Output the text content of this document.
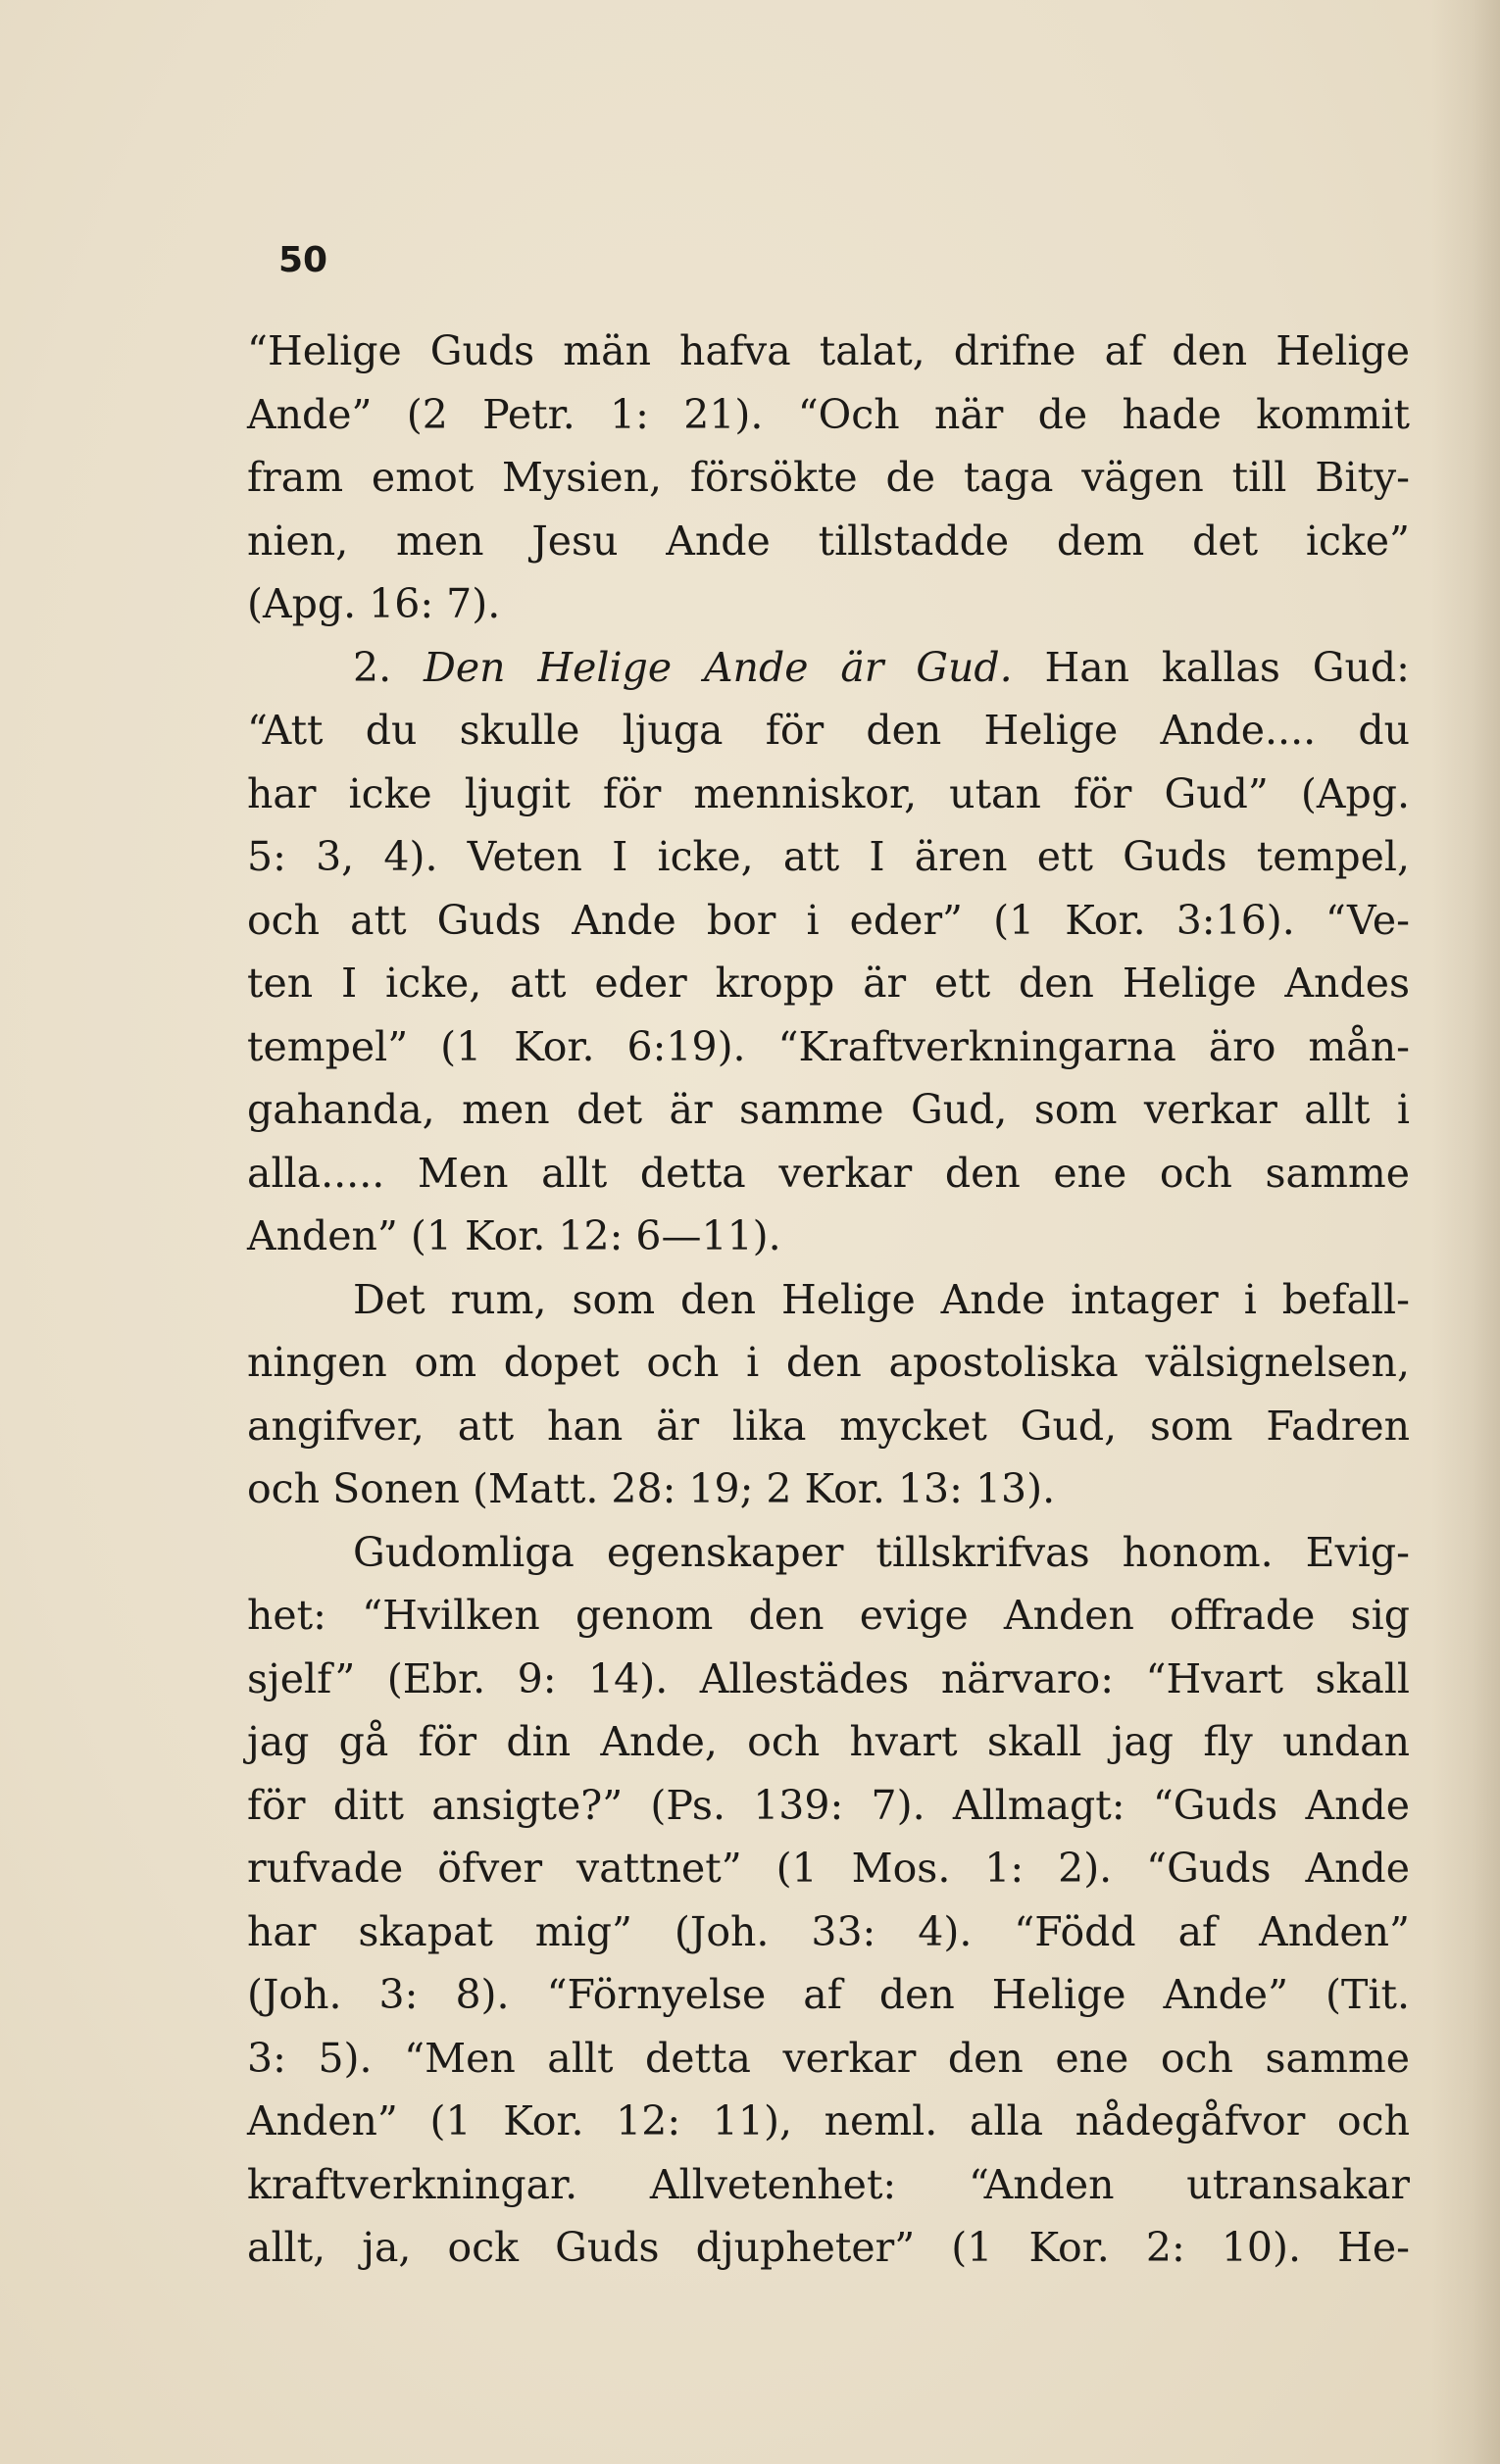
50
“Helige Guds män hafva talat, drifne af den Helige
Ande” (2 Petr. 1: 21). “Och när de hade kommit
fram emot Mysien, försökte de taga vägen till Bity-
nien, men Jesu Ande tillstadde dem det icke”
(Apg. 16: 7).
2. Den Helige Ande är Gud. Han kallas Gud:
“Att du skulle ljuga för den Helige Ande.... du
har icke ljugit för menniskor, utan för Gud” (Apg.
5: 3, 4). Veten I icke, att I ären ett Guds tempel,
och att Guds Ande bor i eder” (1 Kor. 3:16). “Ve-
ten I icke, att eder kropp är ett den Helige Andes
tempel” (1 Kor. 6:19). “Kraftverkningarna äro mån-
gahanda, men det är samme Gud, som verkar allt i
alla..... Men allt detta verkar den ene och samme
Anden” (1 Kor. 12: 6—11).
Det rum, som den Helige Ande intager i befall-
ningen om dopet och i den apostoliska välsignelsen,
angifver, att han är lika mycket Gud, som Fadren
och Sonen (Matt. 28: 19; 2 Kor. 13: 13).
Gudomliga egenskaper tillskrifvas honom. Evig-
het: “Hvilken genom den evige Anden offrade sig
sjelf” (Ebr. 9: 14). Allestädes närvaro: “Hvart skall
jag gå för din Ande, och hvart skall jag fly undan
för ditt ansigte?” (Ps. 139: 7). Allmagt: “Guds Ande
rufvade öfver vattnet” (1 Mos. 1: 2). “Guds Ande
har skapat mig” (Joh. 33: 4). “Född af Anden”
(Joh. 3: 8). “Förnyelse af den Helige Ande” (Tit.
3: 5). “Men allt detta verkar den ene och samme
Anden” (1 Kor. 12: 11), neml. alla nådegåfvor och
kraftverkningar. Allvetenhet: “Anden utransakar
allt, ja, ock Guds djupheter” (1 Kor. 2: 10). He-
